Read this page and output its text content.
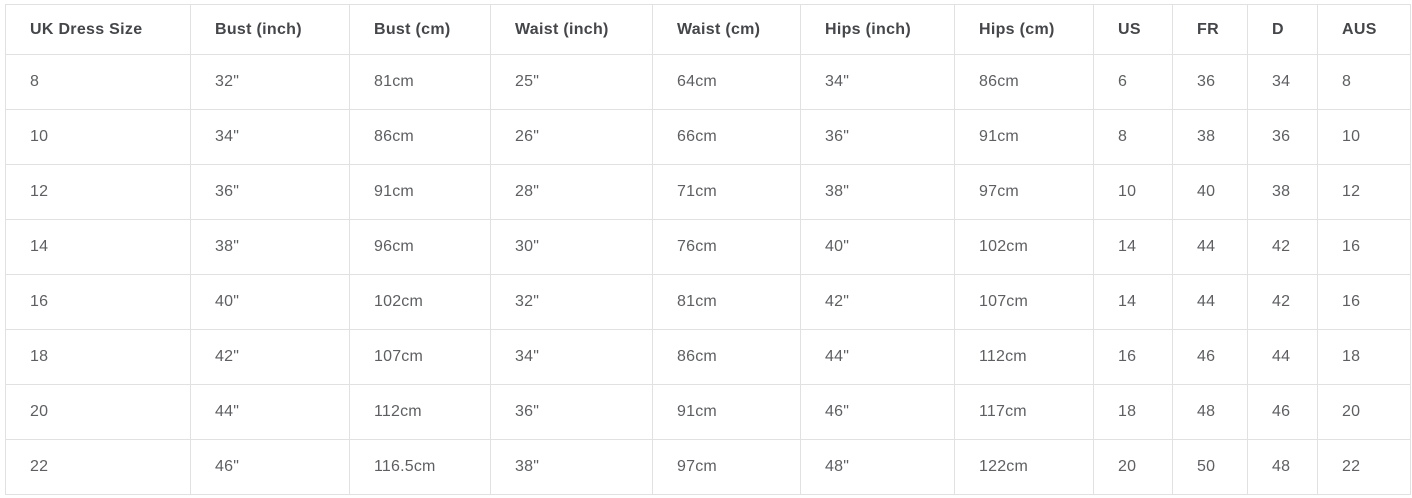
UK Dress Size	Bust (inch)	Bust (cm)	Waist (inch)	Waist (cm)	Hips (inch)	Hips (cm)	US	FR	D	AUS
8	32"	81cm	25"	64cm	34"	86cm	6	36	34	8
10	34"	86cm	26"	66cm	36"	91cm	8	38	36	10
12	36"	91cm	28"	71cm	38"	97cm	10	40	38	12
14	38"	96cm	30"	76cm	40"	102cm	14	44	42	16
16	40"	102cm	32"	81cm	42"	107cm	14	44	42	16
18	42"	107cm	34"	86cm	44"	112cm	16	46	44	18
20	44"	112cm	36"	91cm	46"	117cm	18	48	46	20
22	46"	116.5cm	38"	97cm	48"	122cm	20	50	48	22
